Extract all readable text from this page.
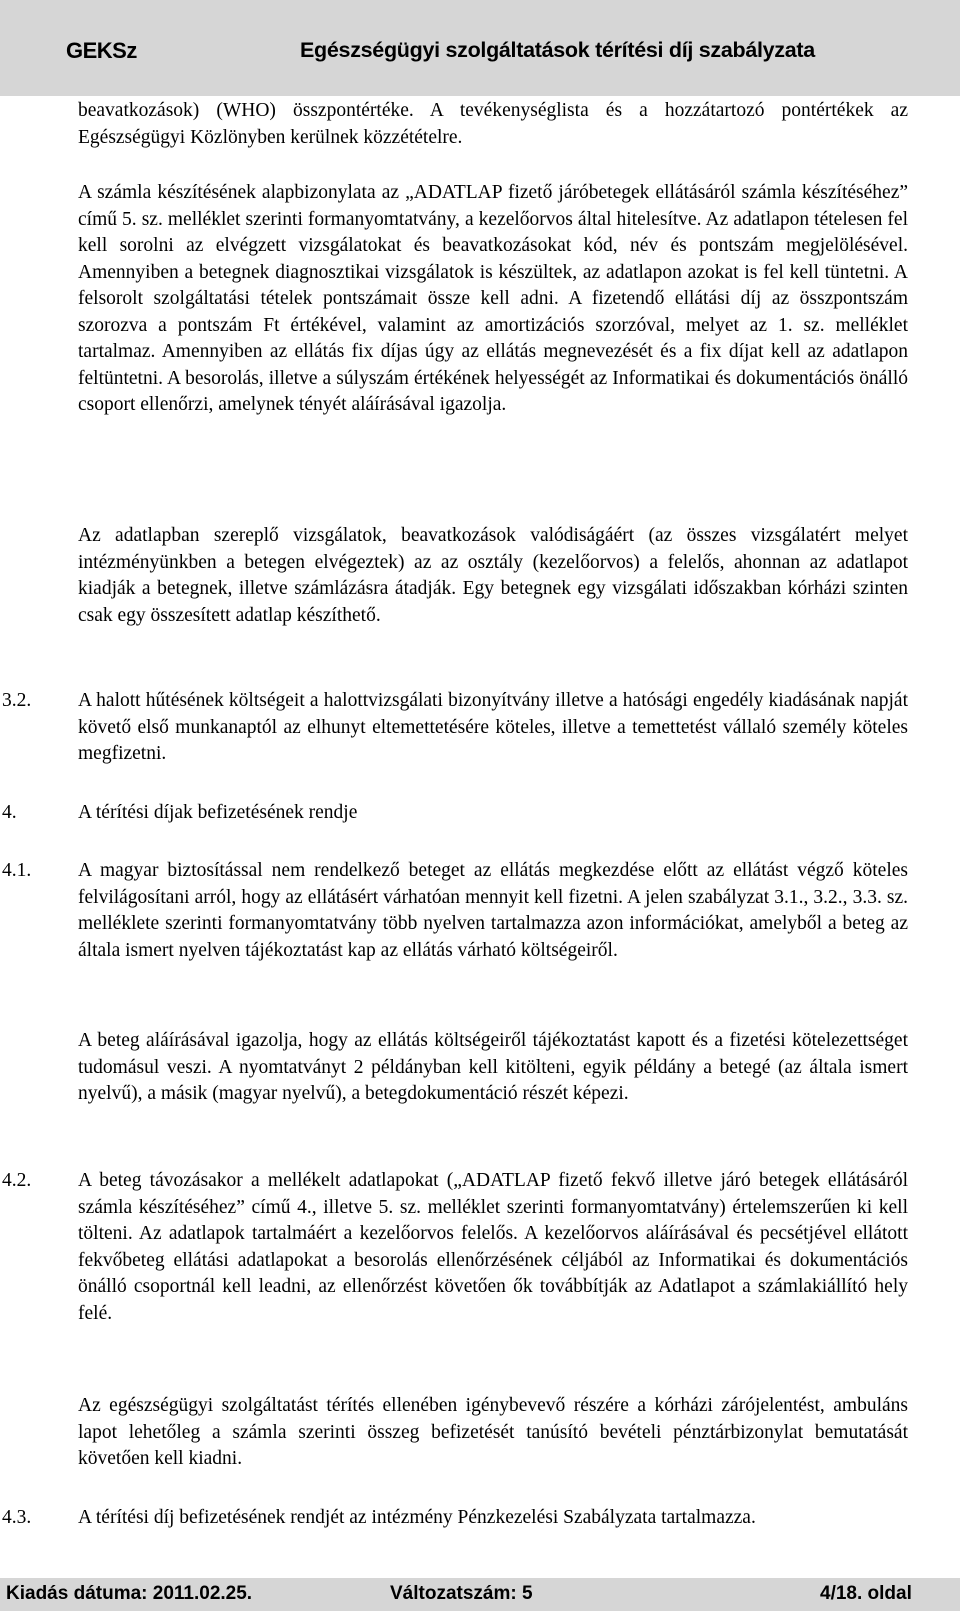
GEKSz	Egészségügyi szolgáltatások térítési díj szabályzata
beavatkozások) (WHO) összpontértéke. A tevékenységlista és a hozzátartozó pontértékek az Egészségügyi Közlönyben kerülnek közzétételre.
A számla készítésének alapbizonylata az „ADATLAP fizető járóbetegek ellátásáról számla készítéséhez” című 5. sz. melléklet szerinti formanyomtatvány, a kezelőorvos által hitelesítve. Az adatlapon tételesen fel kell sorolni az elvégzett vizsgálatokat és beavatkozásokat kód, név és pontszám megjelölésével. Amennyiben a betegnek diagnosztikai vizsgálatok is készültek, az adatlapon azokat is fel kell tüntetni. A felsorolt szolgáltatási tételek pontszámait össze kell adni. A fizetendő ellátási díj az összpontszám szorozva a pontszám Ft értékével, valamint az amortizációs szorzóval, melyet az 1. sz. melléklet tartalmaz. Amennyiben az ellátás fix díjas úgy az ellátás megnevezését és a fix díjat kell az adatlapon feltüntetni. A besorolás, illetve a súlyszám értékének helyességét az Informatikai és dokumentációs önálló csoport ellenőrzi, amelynek tényét aláírásával igazolja.
Az adatlapban szereplő vizsgálatok, beavatkozások valódiságáért (az összes vizsgálatért melyet intézményünkben a betegen elvégeztek) az az osztály (kezelőorvos) a felelős, ahonnan az adatlapot kiadják a betegnek, illetve számlázásra átadják. Egy betegnek egy vizsgálati időszakban kórházi szinten csak egy összesített adatlap készíthető.
3.2. A halott hűtésének költségeit a halottvizsgálati bizonyítvány illetve a hatósági engedély kiadásának napját követő első munkanaptól az elhunyt eltemettetésére köteles, illetve a temettetést vállaló személy köteles megfizetni.
4.	A térítési díjak befizetésének rendje
4.1. A magyar biztosítással nem rendelkező beteget az ellátás megkezdése előtt az ellátást végző köteles felvilágosítani arról, hogy az ellátásért várhatóan mennyit kell fizetni. A jelen szabályzat 3.1., 3.2., 3.3. sz. melléklete szerinti formanyomtatvány több nyelven tartalmazza azon információkat, amelyből a beteg az általa ismert nyelven tájékoztatást kap az ellátás várható költségeiről.
A beteg aláírásával igazolja, hogy az ellátás költségeiről tájékoztatást kapott és a fizetési kötelezettséget tudomásul veszi. A nyomtatványt 2 példányban kell kitölteni, egyik példány a betegé (az általa ismert nyelvű), a másik (magyar nyelvű), a betegdokumentáció részét képezi.
4.2. A beteg távozásakor a mellékelt adatlapokat („ADATLAP fizető fekvő illetve járó betegek ellátásáról számla készítéséhez” című 4., illetve 5. sz. melléklet szerinti formanyomtatvány) értelemszerűen ki kell tölteni. Az adatlapok tartalmáért a kezelőorvos felelős. A kezelőorvos aláírásával és pecsétjével ellátott fekvőbeteg ellátási adatlapokat a besorolás ellenőrzésének céljából az Informatikai és dokumentációs önálló csoportnál kell leadni, az ellenőrzést követően ők továbbítják az Adatlapot a számlakiállító hely felé.
Az egészségügyi szolgáltatást térítés ellenében igénybevevő részére a kórházi zárójelentést, ambuláns lapot lehetőleg a számla szerinti összeg befizetését tanúsító bevételi pénztárbizonylat bemutatását követően kell kiadni.
4.3. A térítési díj befizetésének rendjét az intézmény Pénzkezelési Szabályzata tartalmazza.
Kiadás dátuma: 2011.02.25.	Változatszám: 5	4/18. oldal
